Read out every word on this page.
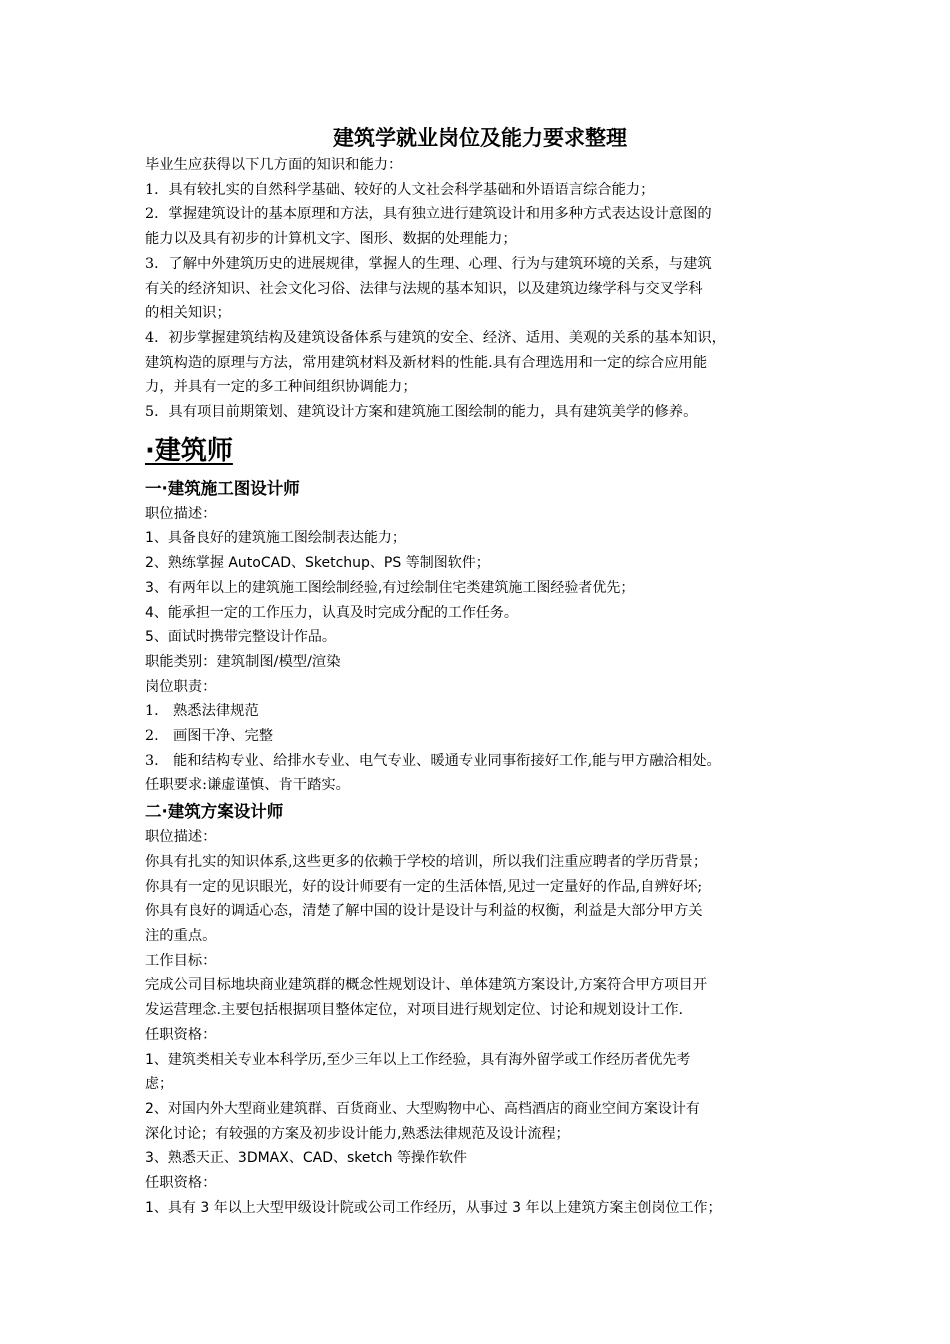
建筑学就业岗位及能力要求整理

毕业生应获得以下几方面的知识和能力：

1．具有较扎实的自然科学基础、较好的人文社会科学基础和外语语言综合能力；

2．掌握建筑设计的基本原理和方法，具有独立进行建筑设计和用多种方式表达设计意图的

能力以及具有初步的计算机文字、图形、数据的处理能力；

3．了解中外建筑历史的进展规律，掌握人的生理、心理、行为与建筑环境的关系，与建筑

有关的经济知识、社会文化习俗、法律与法规的基本知识，以及建筑边缘学科与交叉学科

的相关知识；

4．初步掌握建筑结构及建筑设备体系与建筑的安全、经济、适用、美观的关系的基本知识，

建筑构造的原理与方法，常用建筑材料及新材料的性能.具有合理选用和一定的综合应用能

力，并具有一定的多工种间组织协调能力；

5．具有项目前期策划、建筑设计方案和建筑施工图绘制的能力，具有建筑美学的修养。

·建筑师
一·建筑施工图设计师

职位描述：

1、具备良好的建筑施工图绘制表达能力；

2、熟练掌握 AutoCAD、Sketchup、PS 等制图软件；

3、有两年以上的建筑施工图绘制经验,有过绘制住宅类建筑施工图经验者优先；

4、能承担一定的工作压力，认真及时完成分配的工作任务。

5、面试时携带完整设计作品。

职能类别：建筑制图/模型/渲染

岗位职责：

1. 熟悉法律规范

2. 画图干净、完整

3. 能和结构专业、给排水专业、电气专业、暖通专业同事衔接好工作,能与甲方融洽相处。

任职要求:谦虚谨慎、肯干踏实。

二·建筑方案设计师

职位描述：

你具有扎实的知识体系,这些更多的依赖于学校的培训，所以我们注重应聘者的学历背景；

你具有一定的见识眼光，好的设计师要有一定的生活体悟,见过一定量好的作品,自辨好坏;

你具有良好的调适心态，清楚了解中国的设计是设计与利益的权衡，利益是大部分甲方关

注的重点。

工作目标：

完成公司目标地块商业建筑群的概念性规划设计、单体建筑方案设计,方案符合甲方项目开

发运营理念.主要包括根据项目整体定位，对项目进行规划定位、讨论和规划设计工作.

任职资格：

1、建筑类相关专业本科学历,至少三年以上工作经验，具有海外留学或工作经历者优先考

虑；

2、对国内外大型商业建筑群、百货商业、大型购物中心、高档酒店的商业空间方案设计有

深化讨论；有较强的方案及初步设计能力,熟悉法律规范及设计流程；

3、熟悉天正、3DMAX、CAD、sketch 等操作软件

任职资格：

1、具有 3 年以上大型甲级设计院或公司工作经历，从事过 3 年以上建筑方案主创岗位工作；
